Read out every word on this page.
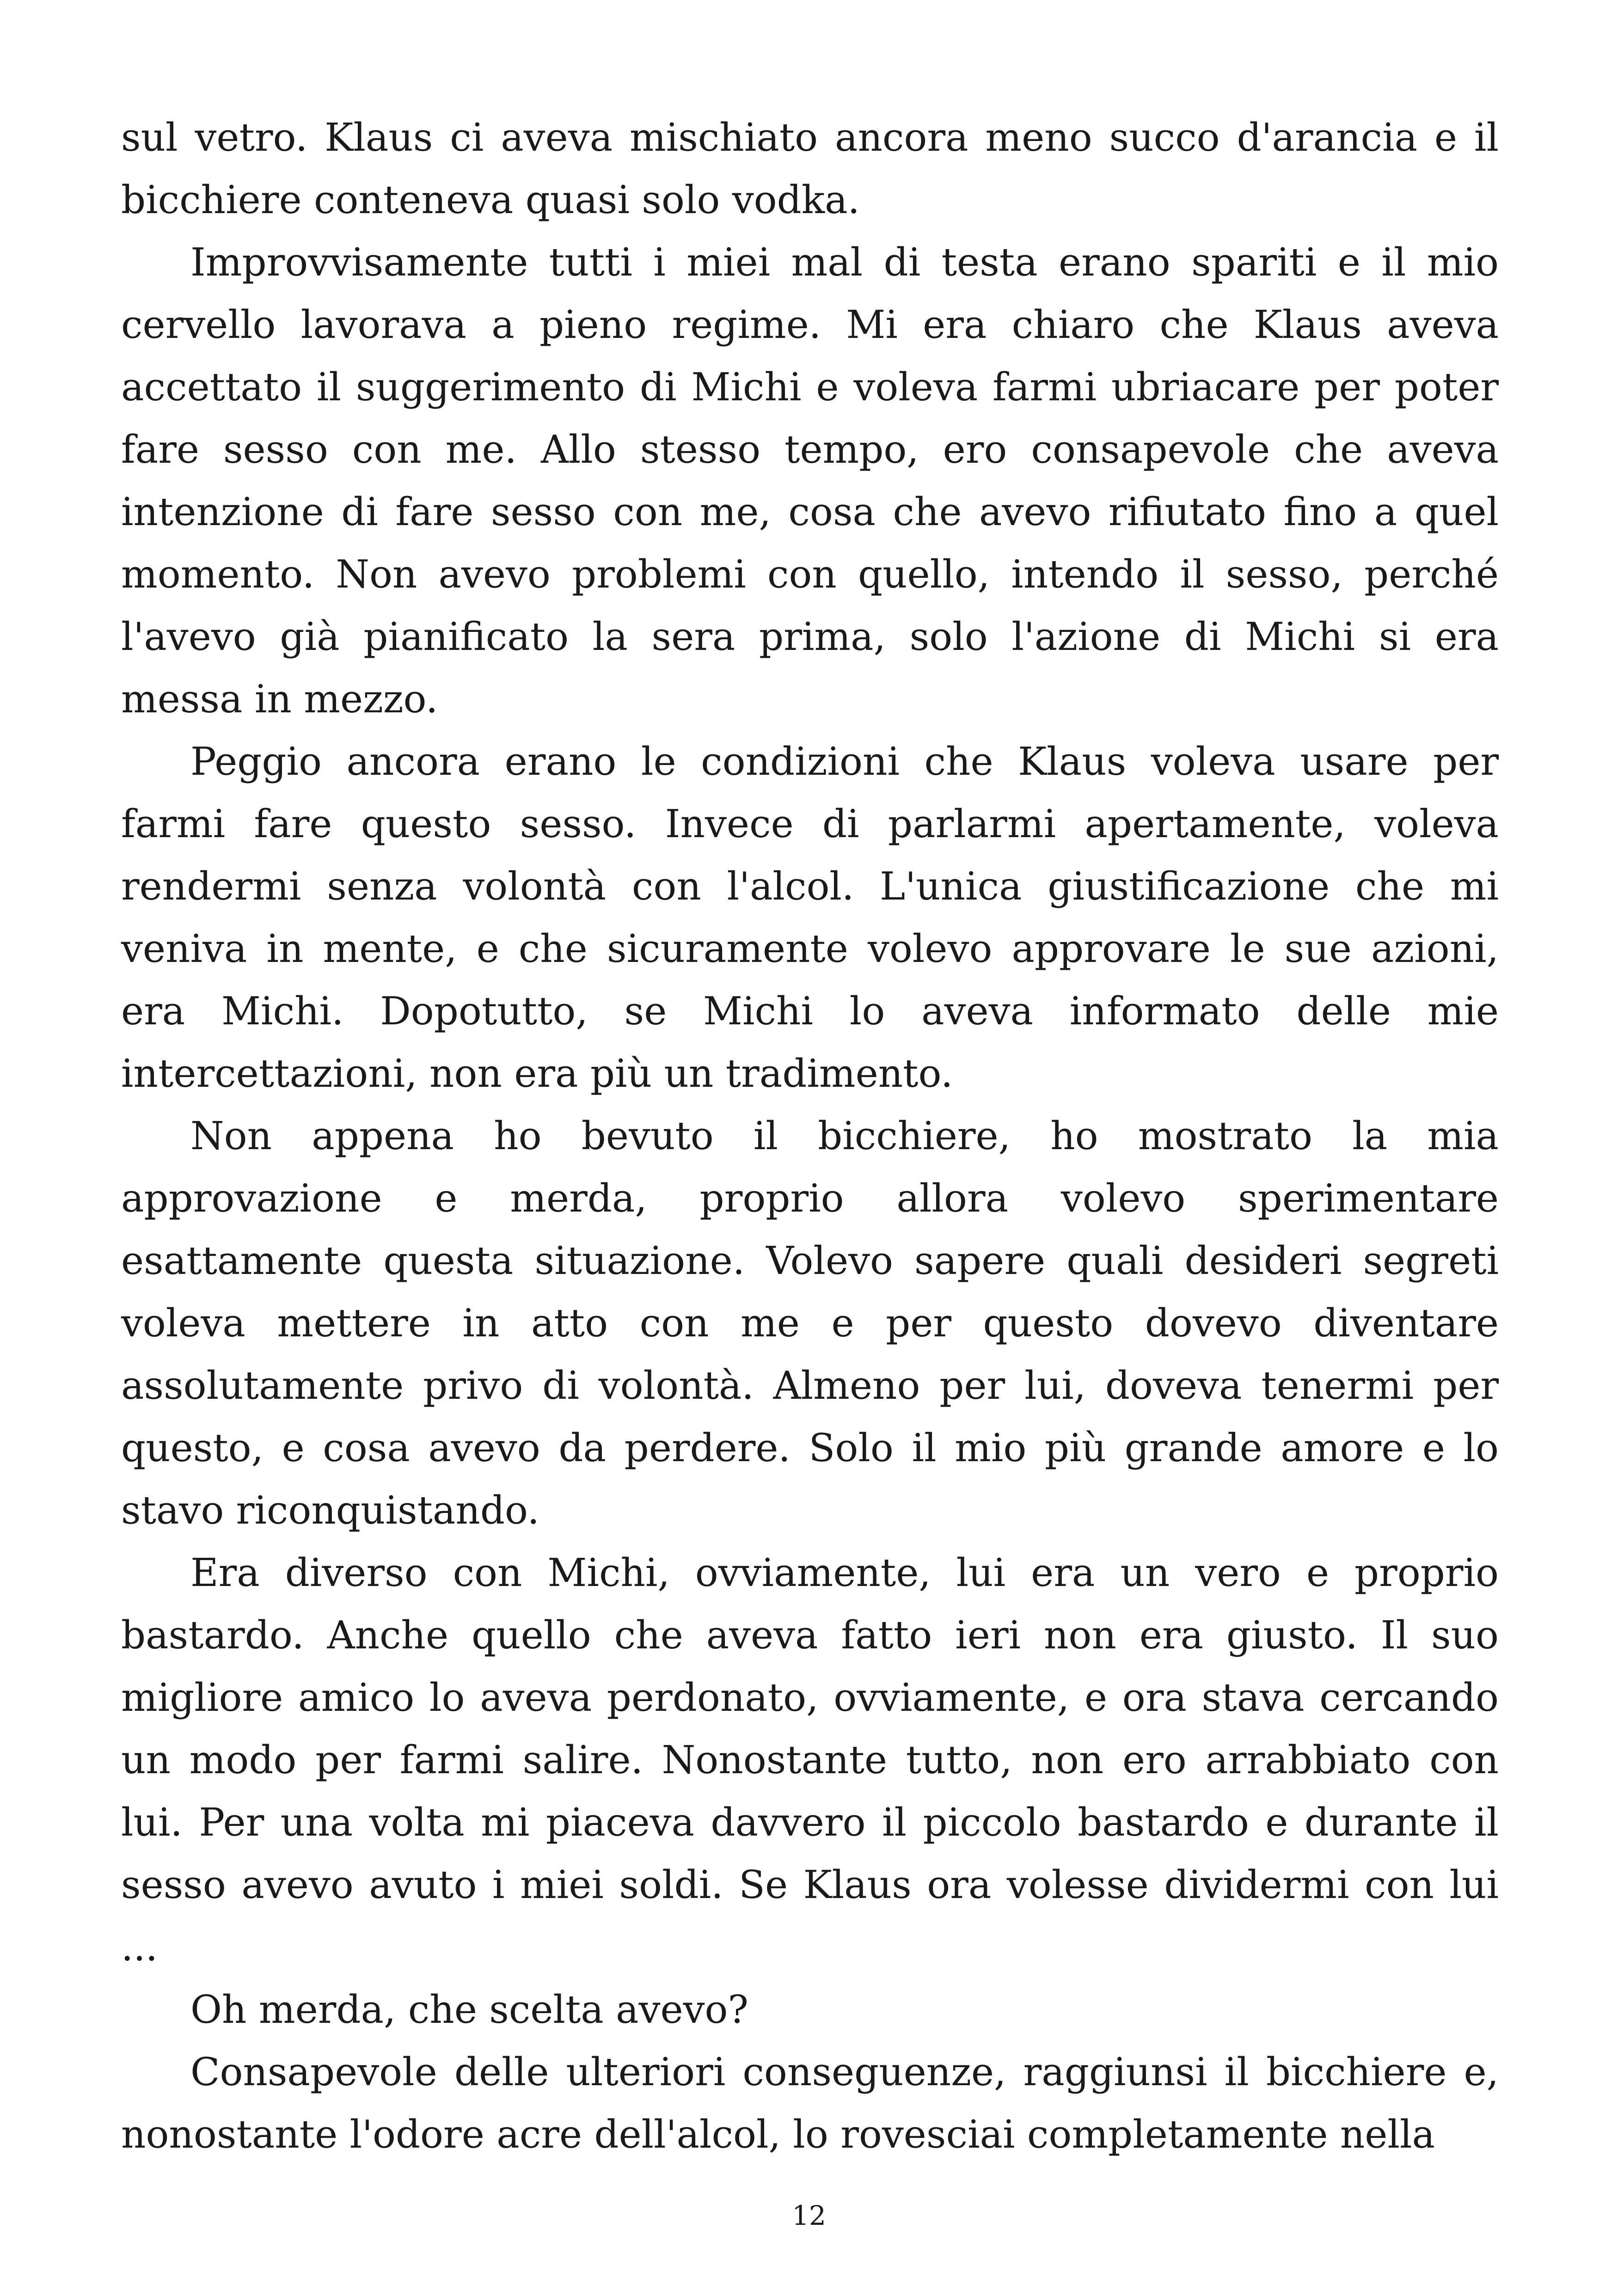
sul vetro. Klaus ci aveva mischiato ancora meno succo d'arancia e il bicchiere conteneva quasi solo vodka.

Improvvisamente tutti i miei mal di testa erano spariti e il mio cervello lavorava a pieno regime. Mi era chiaro che Klaus aveva accettato il suggerimento di Michi e voleva farmi ubriacare per poter fare sesso con me. Allo stesso tempo, ero consapevole che aveva intenzione di fare sesso con me, cosa che avevo rifiutato fino a quel momento. Non avevo problemi con quello, intendo il sesso, perché l'avevo già pianificato la sera prima, solo l'azione di Michi si era messa in mezzo.

Peggio ancora erano le condizioni che Klaus voleva usare per farmi fare questo sesso. Invece di parlarmi apertamente, voleva rendermi senza volontà con l'alcol. L'unica giustificazione che mi veniva in mente, e che sicuramente volevo approvare le sue azioni, era Michi. Dopotutto, se Michi lo aveva informato delle mie intercettazioni, non era più un tradimento.

Non appena ho bevuto il bicchiere, ho mostrato la mia approvazione e merda, proprio allora volevo sperimentare esattamente questa situazione. Volevo sapere quali desideri segreti voleva mettere in atto con me e per questo dovevo diventare assolutamente privo di volontà. Almeno per lui, doveva tenermi per questo, e cosa avevo da perdere. Solo il mio più grande amore e lo stavo riconquistando.

Era diverso con Michi, ovviamente, lui era un vero e proprio bastardo. Anche quello che aveva fatto ieri non era giusto. Il suo migliore amico lo aveva perdonato, ovviamente, e ora stava cercando un modo per farmi salire. Nonostante tutto, non ero arrabbiato con lui. Per una volta mi piaceva davvero il piccolo bastardo e durante il sesso avevo avuto i miei soldi. Se Klaus ora volesse dividermi con lui ...

Oh merda, che scelta avevo?

Consapevole delle ulteriori conseguenze, raggiunsi il bicchiere e, nonostante l'odore acre dell'alcol, lo rovesciai completamente nella

12
